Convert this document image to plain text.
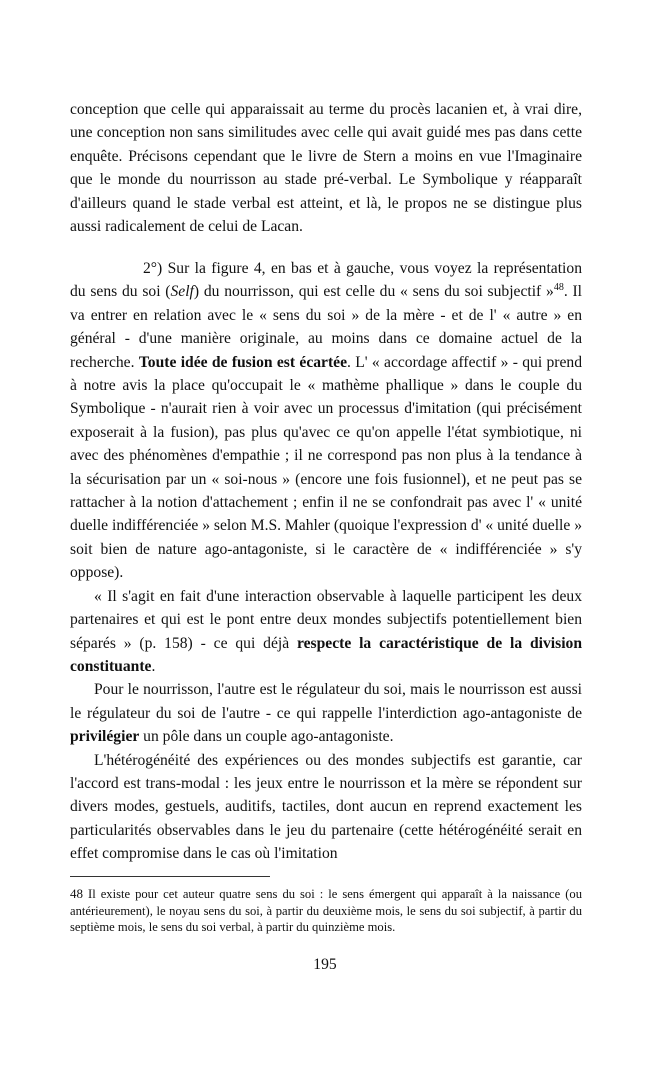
conception que celle qui apparaissait au terme du procès lacanien et, à vrai dire, une conception non sans similitudes avec celle qui avait guidé mes pas dans cette enquête. Précisons cependant que le livre de Stern a moins en vue l'Imaginaire que le monde du nourrisson au stade pré-verbal. Le Symbolique y réapparaît d'ailleurs quand le stade verbal est atteint, et là, le propos ne se distingue plus aussi radicalement de celui de Lacan.

2°) Sur la figure 4, en bas et à gauche, vous voyez la représentation du sens du soi (Self) du nourrisson, qui est celle du « sens du soi subjectif »$^{48}$. Il va entrer en relation avec le « sens du soi » de la mère - et de l' « autre » en général - d'une manière originale, au moins dans ce domaine actuel de la recherche. Toute idée de fusion est écartée. L' « accordage affectif » - qui prend à notre avis la place qu'occupait le « mathème phallique » dans le couple du Symbolique - n'aurait rien à voir avec un processus d'imitation (qui précisément exposerait à la fusion), pas plus qu'avec ce qu'on appelle l'état symbiotique, ni avec des phénomènes d'empathie ; il ne correspond pas non plus à la tendance à la sécurisation par un « soi-nous » (encore une fois fusionnel), et ne peut pas se rattacher à la notion d'attachement ; enfin il ne se confondrait pas avec l' « unité duelle indifférenciée » selon M.S. Mahler (quoique l'expression d' « unité duelle » soit bien de nature ago-antagoniste, si le caractère de « indifférenciée » s'y oppose).

« Il s'agit en fait d'une interaction observable à laquelle participent les deux partenaires et qui est le pont entre deux mondes subjectifs potentiellement bien séparés » (p. 158) - ce qui déjà respecte la caractéristique de la division constituante.

Pour le nourrisson, l'autre est le régulateur du soi, mais le nourrisson est aussi le régulateur du soi de l'autre - ce qui rappelle l'interdiction ago-antagoniste de privilégier un pôle dans un couple ago-antagoniste.

L'hétérogénéité des expériences ou des mondes subjectifs est garantie, car l'accord est trans-modal : les jeux entre le nourrisson et la mère se répondent sur divers modes, gestuels, auditifs, tactiles, dont aucun en reprend exactement les particularités observables dans le jeu du partenaire (cette hétérogénéité serait en effet compromise dans le cas où l'imitation

48 Il existe pour cet auteur quatre sens du soi : le sens émergent qui apparaît à la naissance (ou antérieurement), le noyau sens du soi, à partir du deuxième mois, le sens du soi subjectif, à partir du septième mois, le sens du soi verbal, à partir du quinzième mois.

195
